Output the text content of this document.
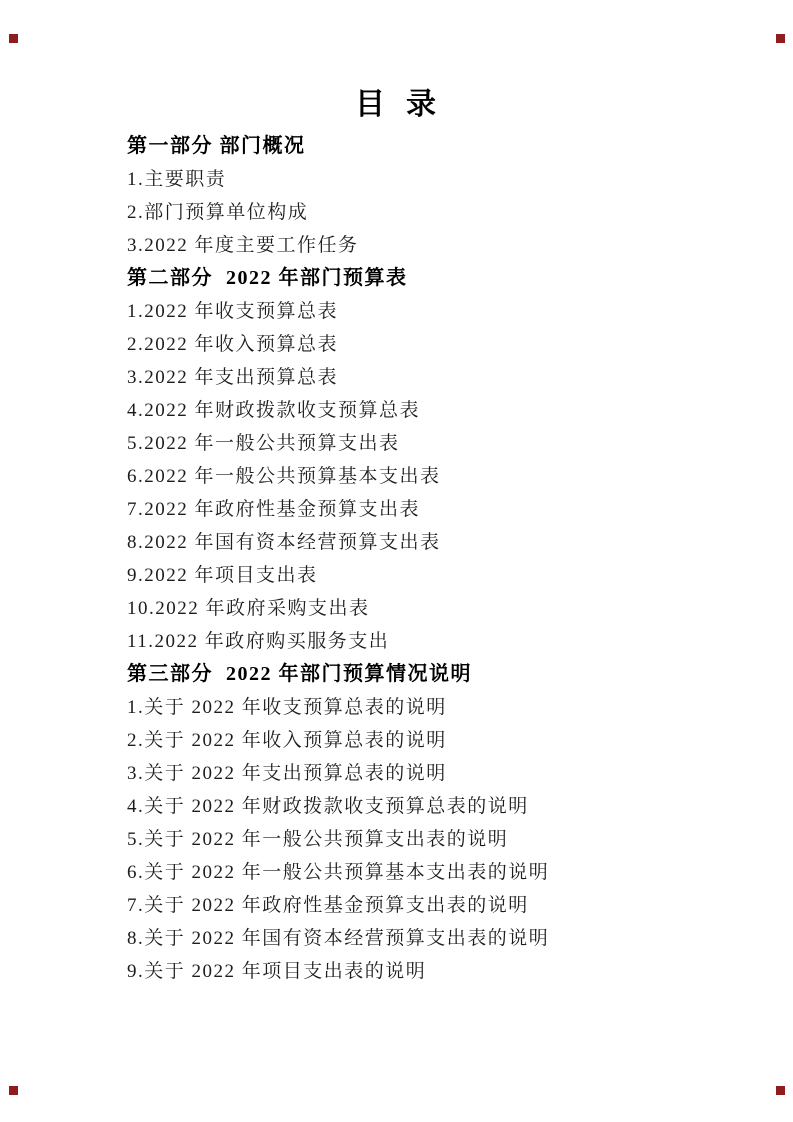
目  录
第一部分 部门概况

1.主要职责

2.部门预算单位构成

3.2022 年度主要工作任务

第二部分  2022 年部门预算表

1.2022 年收支预算总表

2.2022 年收入预算总表

3.2022 年支出预算总表

4.2022 年财政拨款收支预算总表

5.2022 年一般公共预算支出表

6.2022 年一般公共预算基本支出表

7.2022 年政府性基金预算支出表

8.2022 年国有资本经营预算支出表

9.2022 年项目支出表

10.2022 年政府采购支出表

11.2022 年政府购买服务支出

第三部分  2022 年部门预算情况说明

1.关于 2022 年收支预算总表的说明

2.关于 2022 年收入预算总表的说明

3.关于 2022 年支出预算总表的说明

4.关于 2022 年财政拨款收支预算总表的说明

5.关于 2022 年一般公共预算支出表的说明

6.关于 2022 年一般公共预算基本支出表的说明

7.关于 2022 年政府性基金预算支出表的说明

8.关于 2022 年国有资本经营预算支出表的说明

9.关于 2022 年项目支出表的说明
